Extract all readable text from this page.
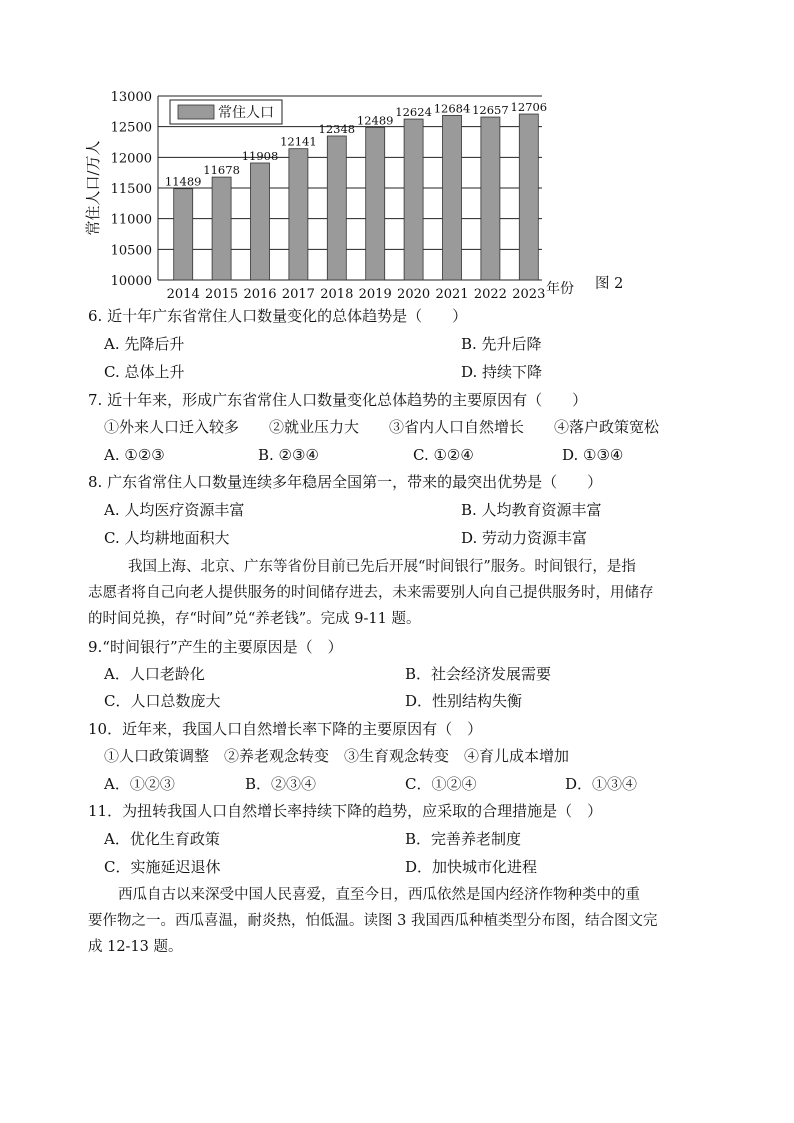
10000
10500
11000
11500
12000
12500
13000
11489
2014
11678
2015
11908
2016
12141
2017
12348
2018
12489
2019
12624
2020
12684
2021
12657
2022
12706
2023 年份 图 2
常住人口/万人
常住人口
6. 近十年广东省常住人口数量变化的总体趋势是（　　）
A. 先降后升	B. 先升后降
C. 总体上升	D. 持续下降
7. 近十年来，形成广东省常住人口数量变化总体趋势的主要原因有（　　）
①外来人口迁入较多　　②就业压力大　　③省内人口自然增长　　④落户政策宽松
A. ①②③	B. ②③④	C. ①②④	D. ①③④
8. 广东省常住人口数量连续多年稳居全国第一，带来的最突出优势是（　　）
A. 人均医疗资源丰富	B. 人均教育资源丰富
C. 人均耕地面积大	D. 劳动力资源丰富
我国上海、北京、广东等省份目前已先后开展“时间银行”服务。时间银行，是指
志愿者将自己向老人提供服务的时间储存进去，未来需要别人向自己提供服务时，用储存
的时间兑换，存“时间”兑“养老钱”。完成 9-11 题。
9.“时间银行”产生的主要原因是（　）
A．人口老龄化	B．社会经济发展需要
C．人口总数庞大	D．性别结构失衡
10．近年来，我国人口自然增长率下降的主要原因有（　）
①人口政策调整　②养老观念转变　③生育观念转变　④育儿成本增加
A．①②③	B．②③④	C．①②④	D．①③④
11．为扭转我国人口自然增长率持续下降的趋势，应采取的合理措施是（　）
A．优化生育政策	B．完善养老制度
C．实施延迟退休	D．加快城市化进程
西瓜自古以来深受中国人民喜爱，直至今日，西瓜依然是国内经济作物种类中的重
要作物之一。西瓜喜温，耐炎热，怕低温。读图 3 我国西瓜种植类型分布图，结合图文完
成 12-13 题。
